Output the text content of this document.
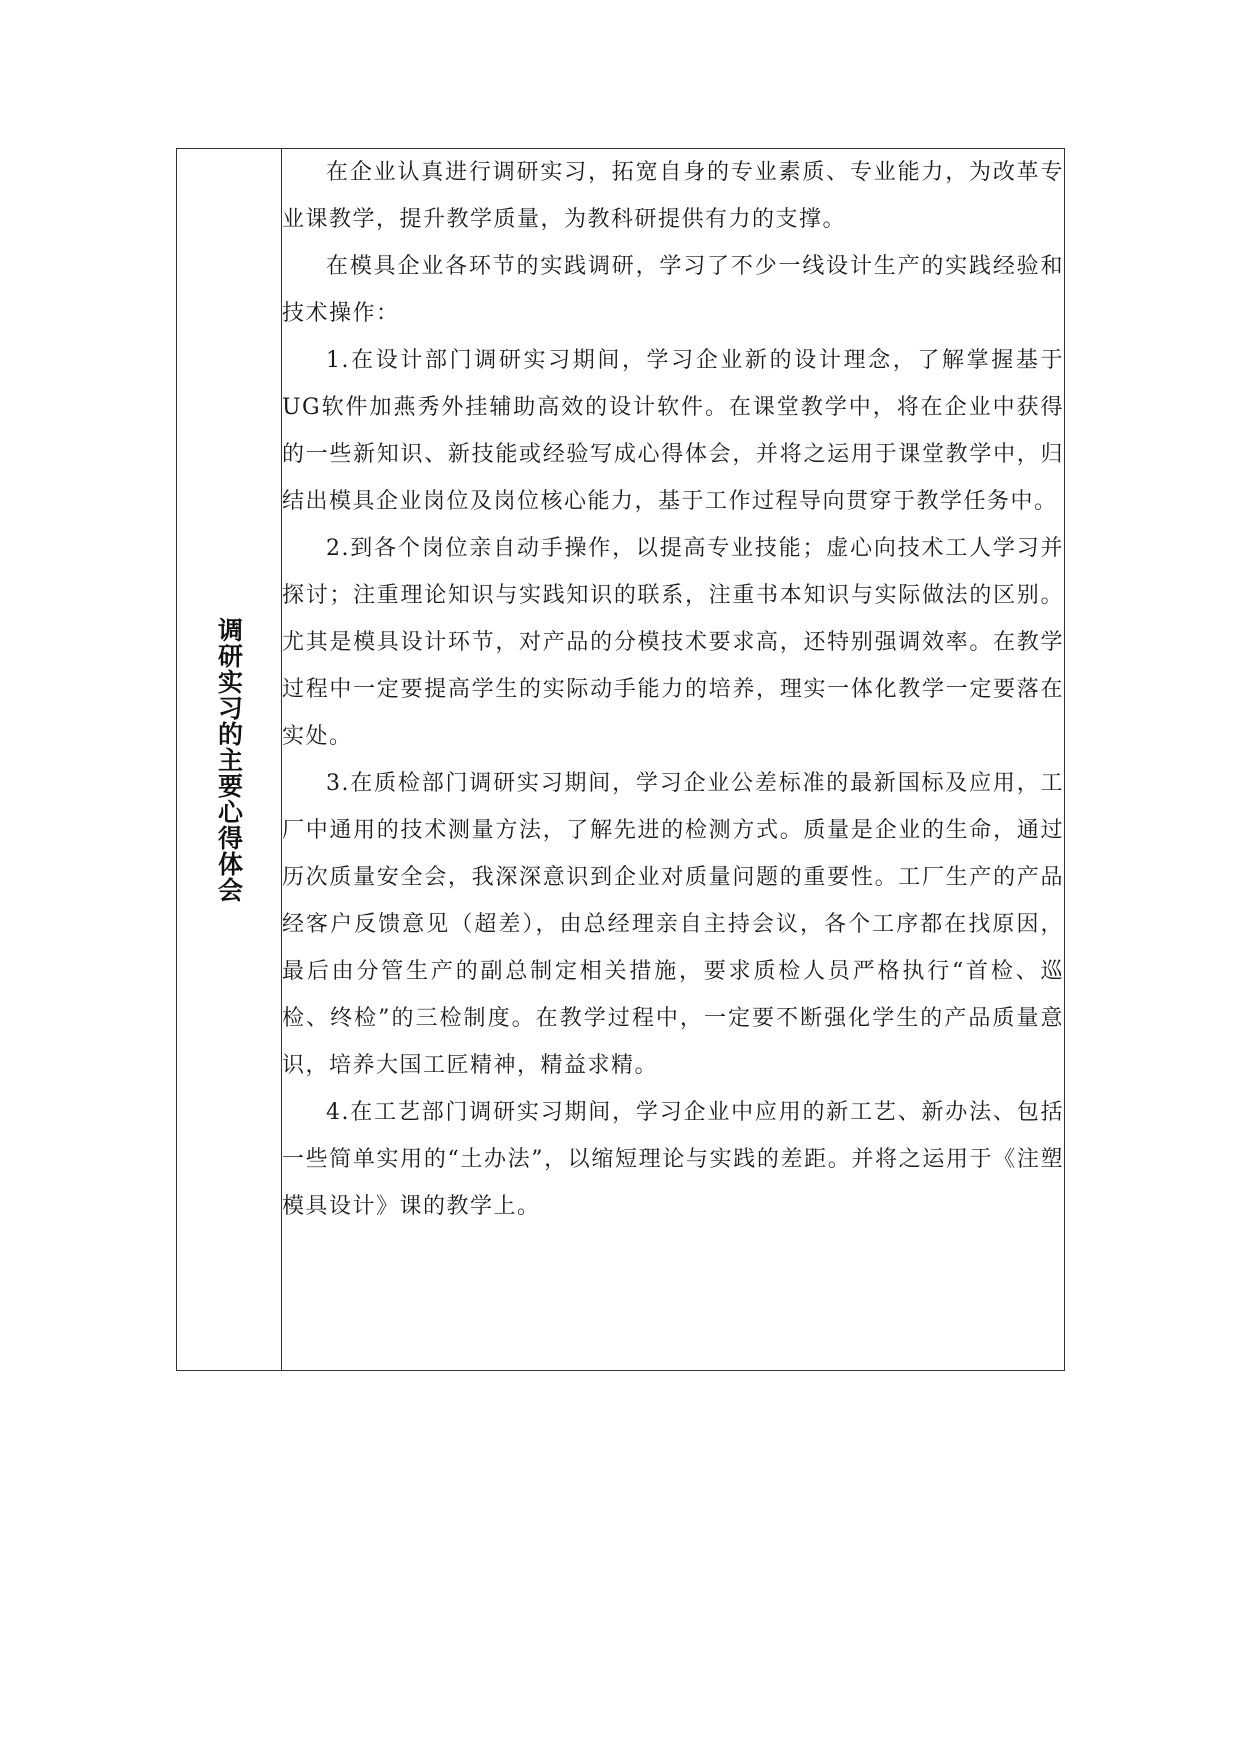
调研实习的主要心得体会

在企业认真进行调研实习，拓宽自身的专业素质、专业能力，为改革专业课教学，提升教学质量，为教科研提供有力的支撑。

在模具企业各环节的实践调研，学习了不少一线设计生产的实践经验和技术操作：

1.在设计部门调研实习期间，学习企业新的设计理念，了解掌握基于UG软件加燕秀外挂辅助高效的设计软件。在课堂教学中，将在企业中获得的一些新知识、新技能或经验写成心得体会，并将之运用于课堂教学中，归结出模具企业岗位及岗位核心能力，基于工作过程导向贯穿于教学任务中。

2.到各个岗位亲自动手操作，以提高专业技能；虚心向技术工人学习并探讨；注重理论知识与实践知识的联系，注重书本知识与实际做法的区别。尤其是模具设计环节，对产品的分模技术要求高，还特别强调效率。在教学过程中一定要提高学生的实际动手能力的培养，理实一体化教学一定要落在实处。

3.在质检部门调研实习期间，学习企业公差标准的最新国标及应用，工厂中通用的技术测量方法，了解先进的检测方式。质量是企业的生命，通过历次质量安全会，我深深意识到企业对质量问题的重要性。工厂生产的产品经客户反馈意见（超差），由总经理亲自主持会议，各个工序都在找原因，最后由分管生产的副总制定相关措施，要求质检人员严格执行“首检、巡检、终检”的三检制度。在教学过程中，一定要不断强化学生的产品质量意识，培养大国工匠精神，精益求精。

4.在工艺部门调研实习期间，学习企业中应用的新工艺、新办法、包括一些简单实用的“土办法”，以缩短理论与实践的差距。并将之运用于《注塑模具设计》课的教学上。
